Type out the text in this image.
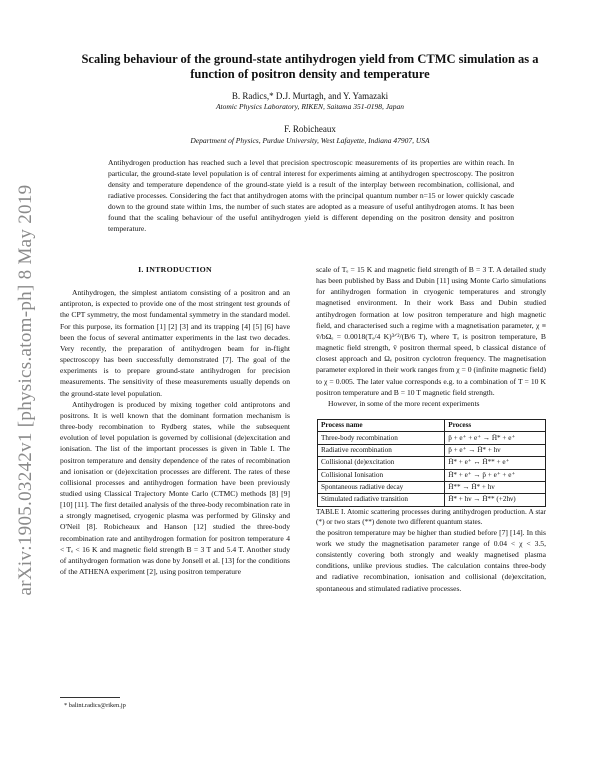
arXiv:1905.03242v1 [physics.atom-ph] 8 May 2019
Scaling behaviour of the ground-state antihydrogen yield from CTMC simulation as a
function of positron density and temperature
B. Radics,* D.J. Murtagh, and Y. Yamazaki
Atomic Physics Laboratory, RIKEN, Saitama 351-0198, Japan
F. Robicheaux
Department of Physics, Purdue University, West Lafayette, Indiana 47907, USA
Antihydrogen production has reached such a level that precision spectroscopic measurements of its properties are within reach. In particular, the ground-state level population is of central interest for experiments aiming at antihydrogen spectroscopy. The positron density and temperature dependence of the ground-state yield is a result of the interplay between recombination, collisional, and radiative processes. Considering the fact that antihydrogen atoms with the principal quantum number n=15 or lower quickly cascade down to the ground state within 1ms, the number of such states are adopted as a measure of useful antihydrogen atoms. It has been found that the scaling behaviour of the useful antihydrogen yield is different depending on the positron density and positron temperature.
I. INTRODUCTION

Antihydrogen, the simplest antiatom consisting of a positron and an antiproton, is expected to provide one of the most stringent test grounds of the CPT symmetry, the most fundamental symmetry in the standard model. For this purpose, its formation [1] [2] [3] and its trapping [4] [5] [6] have been the focus of several antimatter experiments in the last two decades. Very recently, the preparation of antihydrogen beam for in-flight spectroscopy has been successfully demonstrated [7]. The goal of the experiments is to prepare ground-state antihydrogen for precision measurements. The sensitivity of these measurements usually depends on the ground-state level population.

Antihydrogen is produced by mixing together cold antiprotons and positrons. It is well known that the dominant formation mechanism is three-body recombination to Rydberg states, while the subsequent evolution of level population is governed by collisional (de)excitation and ionisation. The list of the important processes is given in Table I. The positron temperature and density dependence of the rates of recombination and ionisation or (de)excitation processes are different. The rates of these collisional processes and antihydrogen formation have been previously studied using Classical Trajectory Monte Carlo (CTMC) methods [8] [9] [10] [11]. The first detailed analysis of the three-body recombination rate in a strongly magnetised, cryogenic plasma was performed by Glinsky and O'Neil [8]. Robicheaux and Hanson [12] studied the three-body recombination rate and antihydrogen formation for positron temperature 4 < Tₑ < 16 K and magnetic field strength B = 3 T and 5.4 T. Another study of antihydrogen formation was done by Jonsell et al. [13] for the conditions of the ATHENA experiment [2], using positron temperature

scale of Tₑ = 15 K and magnetic field strength of B = 3 T. A detailed study has been published by Bass and Dubin [11] using Monte Carlo simulations for antihydrogen formation in cryogenic temperatures and strongly magnetised environment. In their work Bass and Dubin studied antihydrogen formation at low positron temperature and high magnetic field, and characterised such a regime with a magnetisation parameter, χ ≡ v̄/bΩₑ = 0.0018(Tₑ/4 K)³ᐟ²/(B/6 T), where Tₑ is positron temperature, B magnetic field strength, v̄ positron thermal speed, b classical distance of closest approach and Ωₑ positron cyclotron frequency. The magnetisation parameter explored in their work ranges from χ = 0 (infinite magnetic field) to χ = 0.005. The later value corresponds e.g. to a combination of T = 10 K positron temperature and B = 10 T magnetic field strength.

However, in some of the more recent experiments

Process name	Process
Three-body recombination	p̄ + e⁺ + e⁺ → H̄* + e⁺
Radiative recombination	p̄ + e⁺ → H̄* + hν
Collisional (de)excitation	H̄* + e⁺ ↔ H̄** + e⁺
Collisional Ionisation	H̄* + e⁺ → p̄ + e⁺ + e⁺
Spontaneous radiative decay	H̄** → H̄* + hν
Stimulated radiative transition	H̄* + hν → H̄** (+2hν)

TABLE I. Atomic scattering processes during antihydrogen production. A star (*) or two stars (**) denote two different quantum states.

the positron temperature may be higher than studied before [7] [14]. In this work we study the magnetisation parameter range of 0.04 < χ < 3.5, consistently covering both strongly and weakly magnetised plasma conditions, unlike previous studies. The calculation contains three-body and radiative recombination, ionisation and collisional (de)excitation, spontaneous and stimulated radiative processes.

* balint.radics@riken.jp
